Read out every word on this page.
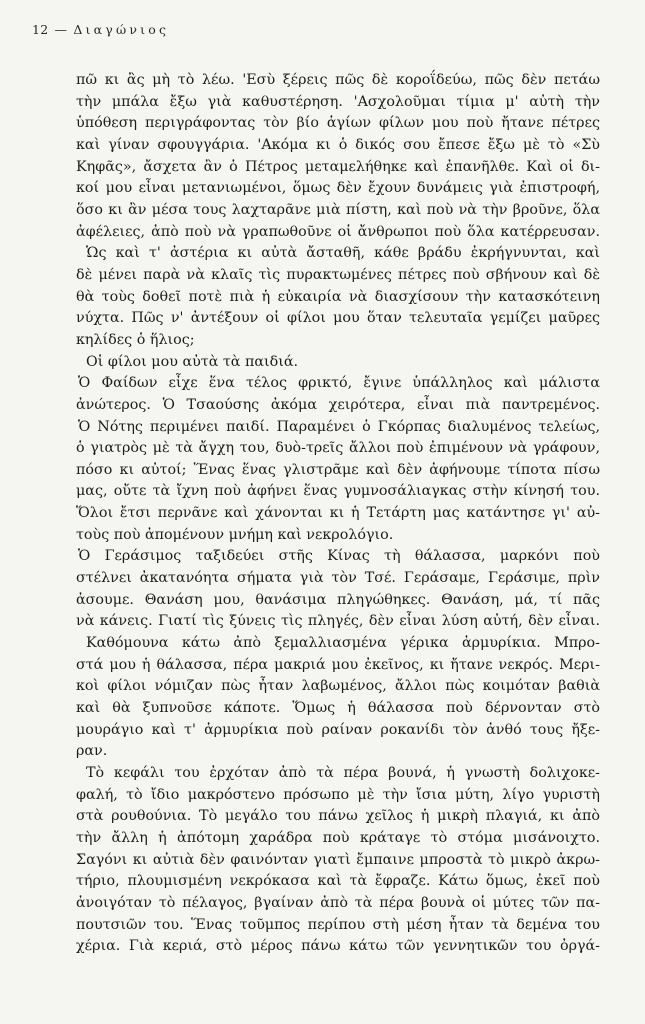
12 — Διαγώνιος
πῶ κι ἂς μὴ τὸ λέω. 'Εσὺ ξέρεις πῶς δὲ κοροΐδεύω, πῶς δὲν πετάω
τὴν μπάλα ἔξω γιὰ καθυστέρηση. 'Ασχολοῦμαι τίμια μ' αὐτὴ τὴν
ὑπόθεση περιγράφοντας τὸν βίο ἁγίων φίλων μου ποὺ ἤτανε πέτρες
καὶ γίναν σφουγγάρια. 'Ακόμα κι ὁ δικός σου ἔπεσε ἔξω μὲ τὸ «Σὺ
Κηφᾶς», ἄσχετα ἂν ὁ Πέτρος μεταμελήθηκε καὶ ἐπανῆλθε. Καὶ οἱ δι-
κοί μου εἶναι μετανιωμένοι, ὅμως δὲν ἔχουν δυνάμεις γιὰ ἐπιστροφή,
ὅσο κι ἂν μέσα τους λαχταρᾶνε μιὰ πίστη, καὶ ποὺ νὰ τὴν βροῦνε, ὅλα
ἀφέλειες, ἀπὸ ποὺ νὰ γραπωθοῦνε οἱ ἄνθρωποι ποὺ ὅλα κατέρρευσαν.
Ὡς καὶ τ' ἀστέρια κι αὐτὰ ἄσταθῆ, κάθε βράδυ ἐκρήγνυνται, καὶ
δὲ μένει παρὰ νὰ κλαῖς τὶς πυρακτωμένες πέτρες ποὺ σβήνουν καὶ δὲ
θὰ τοὺς δοθεῖ ποτὲ πιὰ ἡ εὐκαιρία νὰ διασχίσουν τὴν κατασκότεινη
νύχτα. Πῶς ν' ἀντέξουν οἱ φίλοι μου ὅταν τελευταῖα γεμίζει μαῦρες
κηλίδες ὁ ἥλιος;
Οἱ φίλοι μου αὐτὰ τὰ παιδιά.
Ὁ Φαίδων εἶχε ἕνα τέλος φρικτό, ἔγινε ὑπάλληλος καὶ μάλιστα
ἀνώτερος. Ὁ Τσαούσης ἀκόμα χειρότερα, εἶναι πιὰ παντρεμένος.
Ὁ Νότης περιμένει παιδί. Παραμένει ὁ Γκόρπας διαλυμένος τελείως,
ὁ γιατρὸς μὲ τὰ ἄγχη του, δυὸ-τρεῖς ἄλλοι ποὺ ἐπιμένουν νὰ γράφουν,
πόσο κι αὐτοί; Ἕνας ἕνας γλιστρᾶμε καὶ δὲν ἀφήνουμε τίποτα πίσω
μας, οὔτε τὰ ἴχνη ποὺ ἀφήνει ἕνας γυμνοσάλιαγκας στὴν κίνησή του.
Ὅλοι ἔτσι περνᾶνε καὶ χάνονται κι ἡ Τετάρτη μας κατάντησε γι' αὐ-
τοὺς ποὺ ἀπομένουν μνήμη καὶ νεκρολόγιο.
Ὁ Γεράσιμος ταξιδεύει στῆς Κίνας τὴ θάλασσα, μαρκόνι ποὺ
στέλνει ἀκατανόητα σήματα γιὰ τὸν Τσέ. Γεράσαμε, Γεράσιμε, πρὶν
ἀσουμε. Θανάση μου, θανάσιμα πληγώθηκες. Θανάση, μά, τί πᾶς
νὰ κάνεις. Γιατί τὶς ξύνεις τὶς πληγές, δὲν εἶναι λύση αὐτή, δὲν εἶναι.
Καθόμουνα κάτω ἀπὸ ξεμαλλιασμένα γέρικα ἁρμυρίκια. Μπρο-
στά μου ἡ θάλασσα, πέρα μακριά μου ἐκεῖνος, κι ἤτανε νεκρός. Μερι-
κοὶ φίλοι νόμιζαν πὼς ἦταν λαβωμένος, ἄλλοι πὼς κοιμόταν βαθιὰ
καὶ θὰ ξυπνοῦσε κάποτε. Ὅμως ἡ θάλασσα ποὺ δέρνονταν στὸ
μουράγιο καὶ τ' ἁρμυρίκια ποὺ ραίναν ροκανίδι τὸν ἀνθό τους ἤξε-
ραν.
Τὸ κεφάλι του ἐρχόταν ἀπὸ τὰ πέρα βουνά, ἡ γνωστὴ δολιχοκε-
φαλή, τὸ ἴδιο μακρόστενο πρόσωπο μὲ τὴν ἴσια μύτη, λίγο γυριστὴ
στὰ ρουθούνια. Τὸ μεγάλο του πάνω χεῖλος ἡ μικρὴ πλαγιά, κι ἀπὸ
τὴν ἄλλη ἡ ἀπότομη χαράδρα ποὺ κράταγε τὸ στόμα μισάνοιχτο.
Σαγόνι κι αὐτιὰ δὲν φαινόνταν γιατὶ ἔμπαινε μπροστὰ τὸ μικρὸ ἀκρω-
τήριο, πλουμισμένη νεκρόκασα καὶ τὰ ἔφραζε. Κάτω ὅμως, ἐκεῖ ποὺ
ἀνοιγόταν τὸ πέλαγος, βγαίναν ἀπὸ τὰ πέρα βουνὰ οἱ μύτες τῶν πα-
πουτσιῶν του. Ἕνας τοῦμπος περίπου στὴ μέση ἦταν τὰ δεμένα του
χέρια. Γιὰ κεριά, στὸ μέρος πάνω κάτω τῶν γεννητικῶν του ὀργά-
